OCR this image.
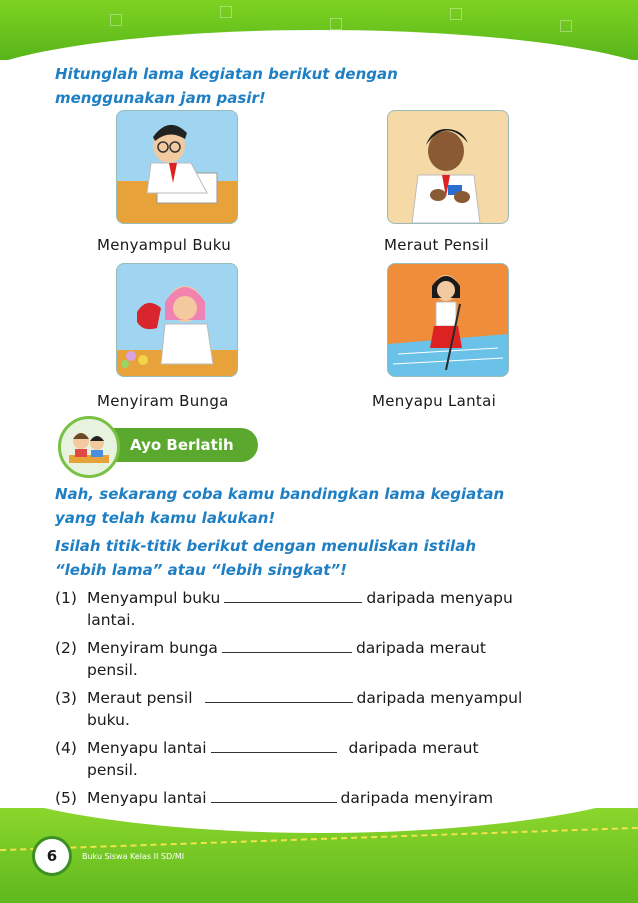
Hitunglah lama kegiatan berikut dengan
menggunakan jam pasir!
Menyampul Buku	Meraut Pensil
Menyiram Bunga	Menyapu Lantai
Ayo Berlatih
Nah, sekarang coba kamu bandingkan lama kegiatan
yang telah kamu lakukan!
Isilah titik-titik berikut dengan menuliskan istilah
“lebih lama” atau “lebih singkat”!
(1) Menyampul buku	daripada menyapu
lantai.
(2) Menyiram bunga	daripada meraut
pensil.
(3) Meraut pensil	daripada menyampul
buku.
(4) Menyapu lantai	daripada meraut
pensil.
(5) Menyapu lantai	daripada menyiram

6	Buku Siswa Kelas II SD/MI
